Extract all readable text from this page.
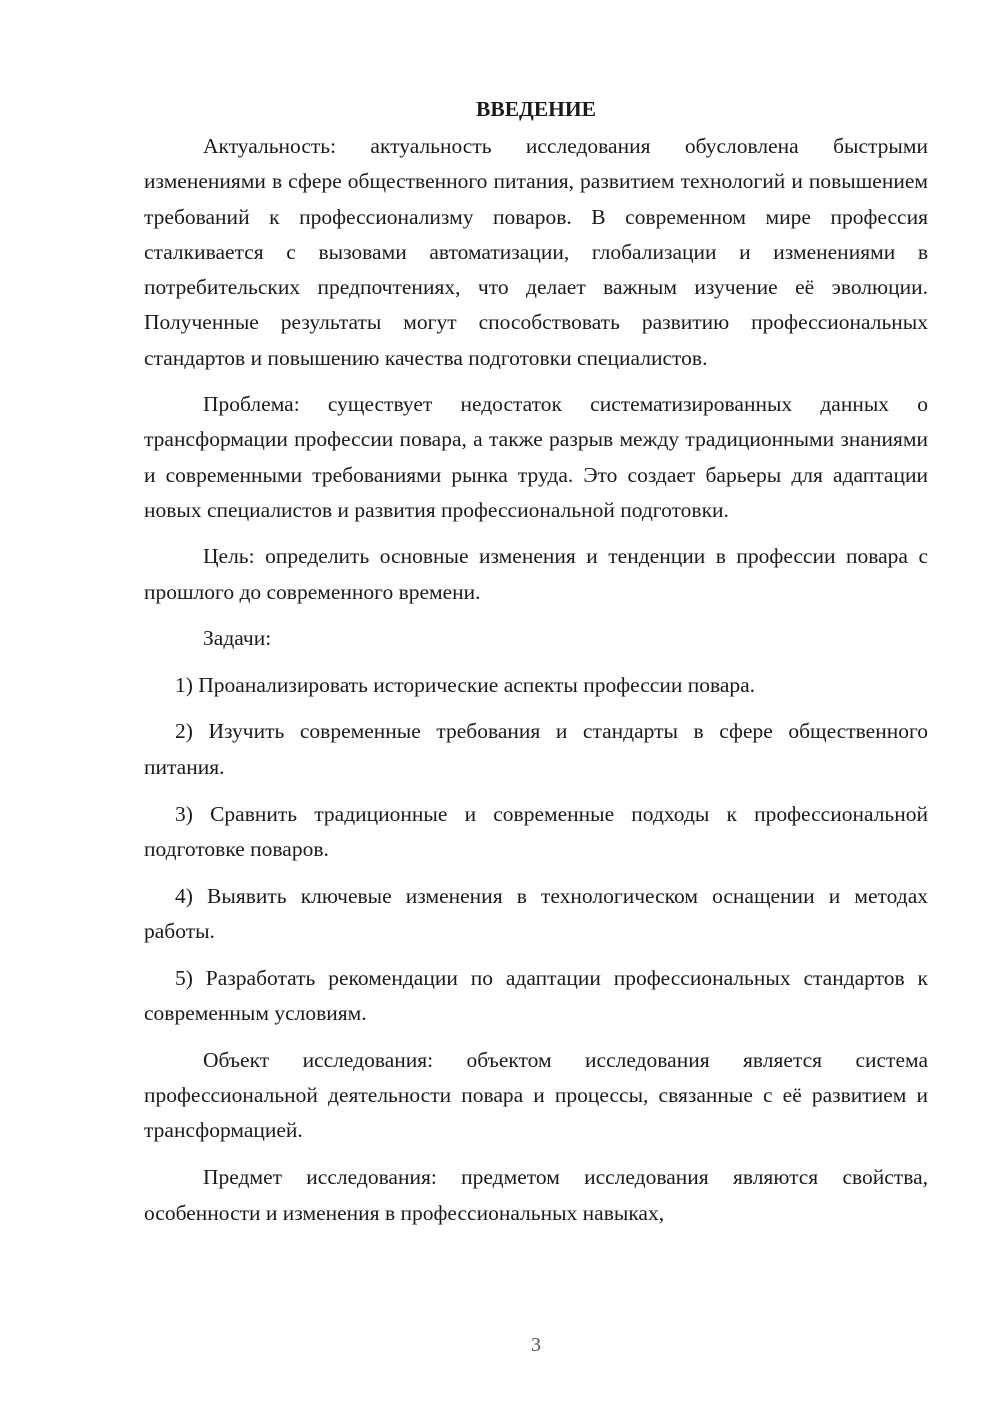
ВВЕДЕНИЕ

Актуальность: актуальность исследования обусловлена быстрыми изменениями в сфере общественного питания, развитием технологий и повышением требований к профессионализму поваров. В современном мире профессия сталкивается с вызовами автоматизации, глобализации и изменениями в потребительских предпочтениях, что делает важным изучение её эволюции. Полученные результаты могут способствовать развитию профессиональных стандартов и повышению качества подготовки специалистов.

Проблема: существует недостаток систематизированных данных о трансформации профессии повара, а также разрыв между традиционными знаниями и современными требованиями рынка труда. Это создает барьеры для адаптации новых специалистов и развития профессиональной подготовки.

Цель: определить основные изменения и тенденции в профессии повара с прошлого до современного времени.

Задачи:

1) Проанализировать исторические аспекты профессии повара.

2) Изучить современные требования и стандарты в сфере общественного питания.

3) Сравнить традиционные и современные подходы к профессиональной подготовке поваров.

4) Выявить ключевые изменения в технологическом оснащении и методах работы.

5) Разработать рекомендации по адаптации профессиональных стандартов к современным условиям.

Объект исследования: объектом исследования является система профессиональной деятельности повара и процессы, связанные с её развитием и трансформацией.

Предмет исследования: предметом исследования являются свойства, особенности и изменения в профессиональных навыках,

3
